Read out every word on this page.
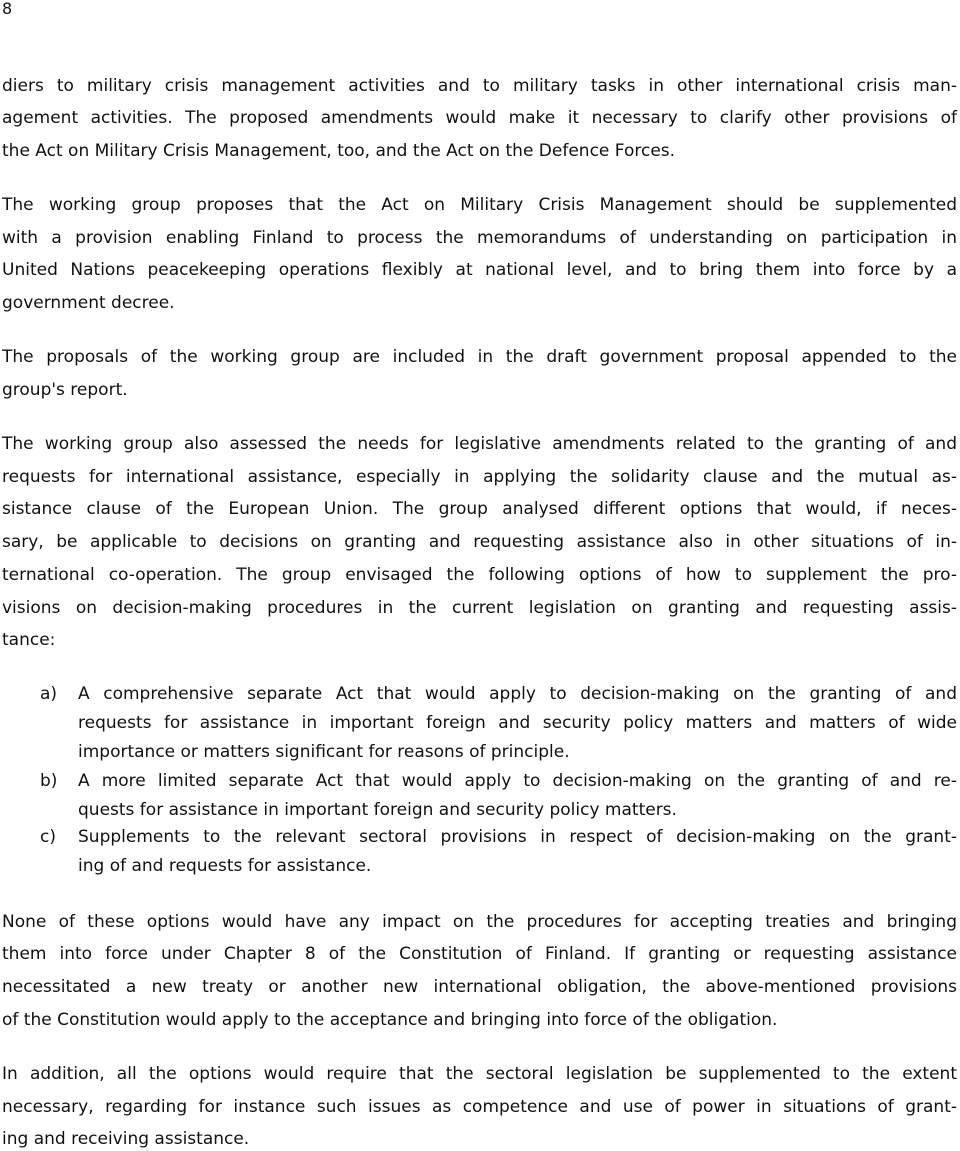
8
diers to military crisis management activities and to military tasks in other international crisis man-
agement activities. The proposed amendments would make it necessary to clarify other provisions of
the Act on Military Crisis Management, too, and the Act on the Defence Forces.
The working group proposes that the Act on Military Crisis Management should be supplemented
with a provision enabling Finland to process the memorandums of understanding on participation in
United Nations peacekeeping operations flexibly at national level, and to bring them into force by a
government decree.
The proposals of the working group are included in the draft government proposal appended to the
group's report.
The working group also assessed the needs for legislative amendments related to the granting of and
requests for international assistance, especially in applying the solidarity clause and the mutual as-
sistance clause of the European Union. The group analysed different options that would, if neces-
sary, be applicable to decisions on granting and requesting assistance also in other situations of in-
ternational co-operation. The group envisaged the following options of how to supplement the pro-
visions on decision-making procedures in the current legislation on granting and requesting assis-
tance:
a) A comprehensive separate Act that would apply to decision-making on the granting of and
requests for assistance in important foreign and security policy matters and matters of wide
importance or matters significant for reasons of principle.
b) A more limited separate Act that would apply to decision-making on the granting of and re-
quests for assistance in important foreign and security policy matters.
c) Supplements to the relevant sectoral provisions in respect of decision-making on the grant-
ing of and requests for assistance.
None of these options would have any impact on the procedures for accepting treaties and bringing
them into force under Chapter 8 of the Constitution of Finland. If granting or requesting assistance
necessitated a new treaty or another new international obligation, the above-mentioned provisions
of the Constitution would apply to the acceptance and bringing into force of the obligation.
In addition, all the options would require that the sectoral legislation be supplemented to the extent
necessary, regarding for instance such issues as competence and use of power in situations of grant-
ing and receiving assistance.
